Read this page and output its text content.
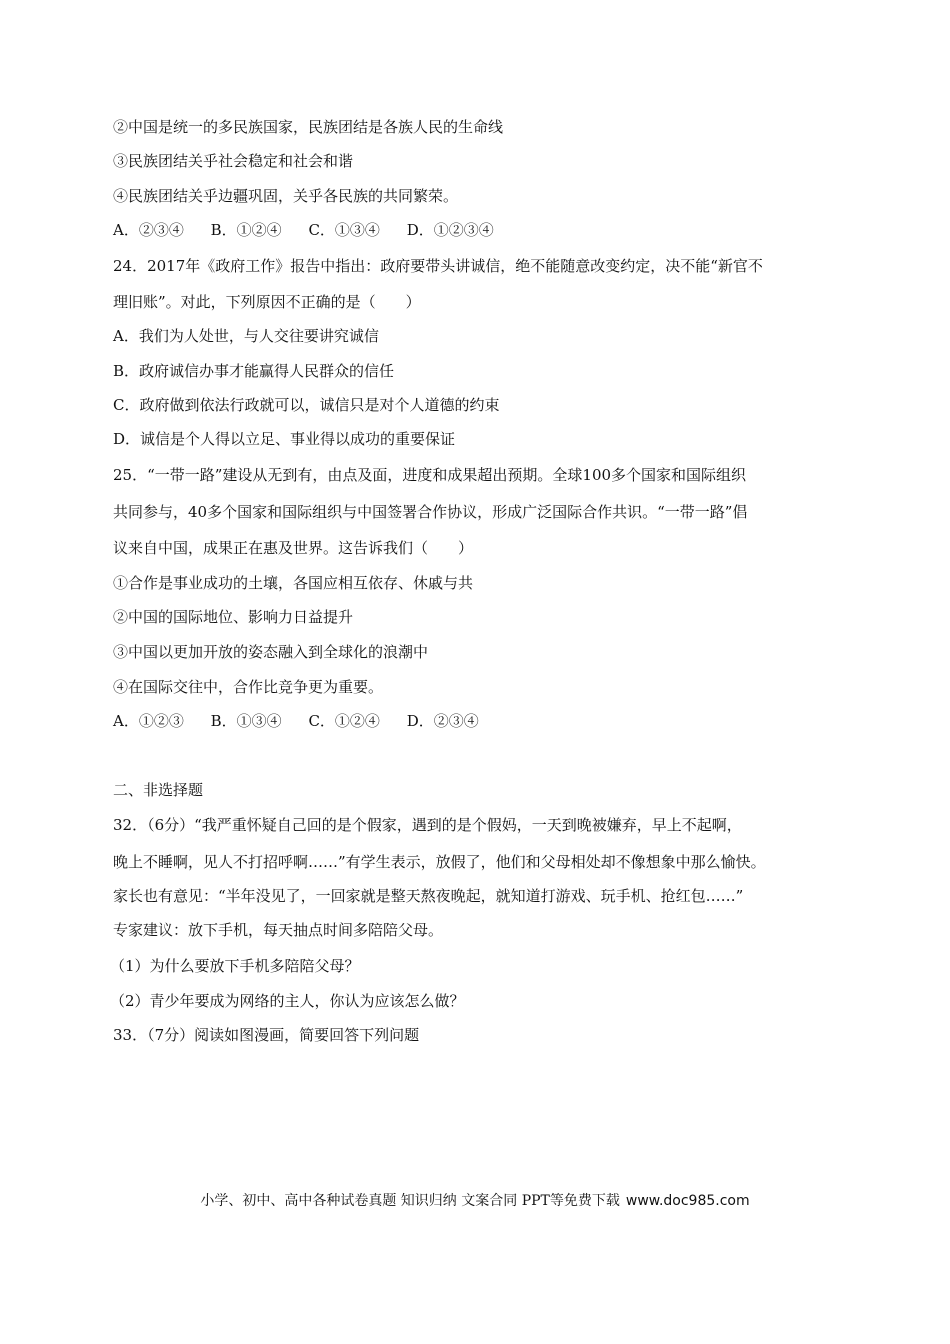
②中国是统一的多民族国家，民族团结是各族人民的生命线
③民族团结关乎社会稳定和社会和谐
④民族团结关乎边疆巩固，关乎各民族的共同繁荣。
A．②③④ B．①②④ C．①③④ D．①②③④
24．2017年《政府工作》报告中指出：政府要带头讲诚信，绝不能随意改变约定，决不能“新官不
理旧账”。对此，下列原因不正确的是（　　）
A．我们为人处世，与人交往要讲究诚信
B．政府诚信办事才能赢得人民群众的信任
C．政府做到依法行政就可以，诚信只是对个人道德的约束
D．诚信是个人得以立足、事业得以成功的重要保证
25．“一带一路”建设从无到有，由点及面，进度和成果超出预期。全球100多个国家和国际组织
共同参与，40多个国家和国际组织与中国签署合作协议，形成广泛国际合作共识。“一带一路”倡
议来自中国，成果正在惠及世界。这告诉我们（　　）
①合作是事业成功的土壤，各国应相互依存、休戚与共
②中国的国际地位、影响力日益提升
③中国以更加开放的姿态融入到全球化的浪潮中
④在国际交往中，合作比竞争更为重要。
A．①②③ B．①③④ C．①②④ D．②③④
二、非选择题
32．（6分）“我严重怀疑自己回的是个假家，遇到的是个假妈，一天到晚被嫌弃，早上不起啊，
晚上不睡啊，见人不打招呼啊……”有学生表示，放假了，他们和父母相处却不像想象中那么愉快。
家长也有意见：“半年没见了，一回家就是整天熬夜晚起，就知道打游戏、玩手机、抢红包……”
专家建议：放下手机，每天抽点时间多陪陪父母。
（1）为什么要放下手机多陪陪父母？
（2）青少年要成为网络的主人，你认为应该怎么做？
33．（7分）阅读如图漫画，简要回答下列问题
小学、初中、高中各种试卷真题 知识归纳 文案合同 PPT等免费下载 www.doc985.com
